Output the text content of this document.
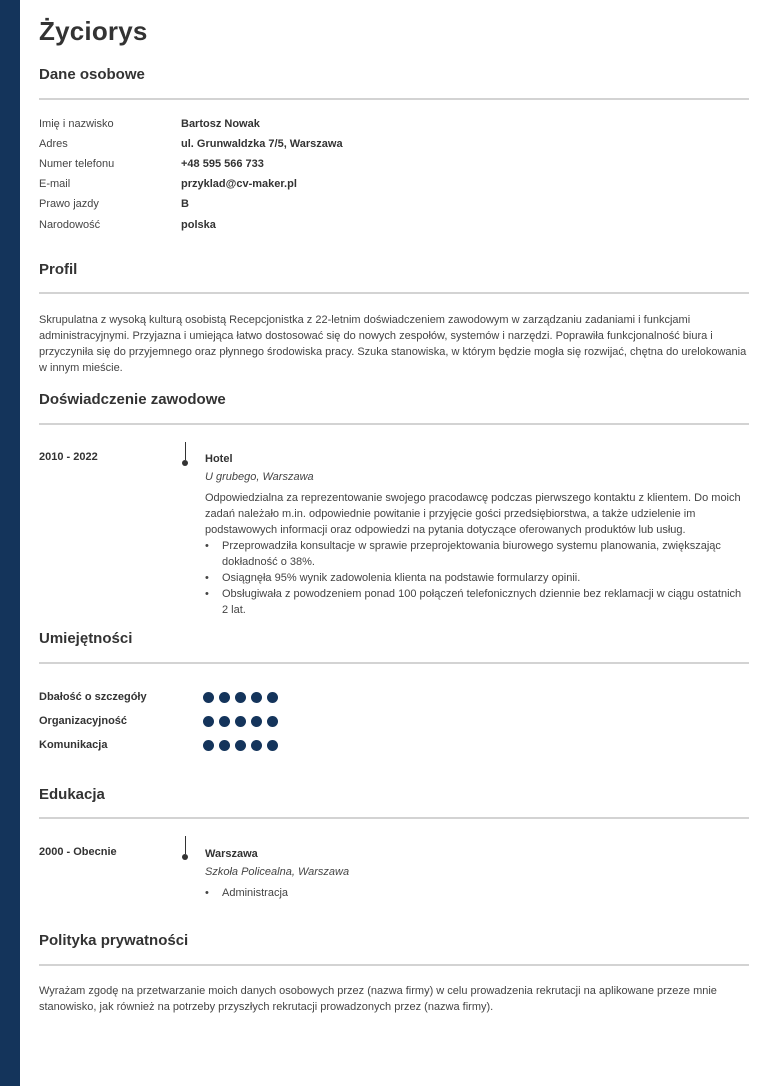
Życiorys
Dane osobowe
Imię i nazwisko	Bartosz Nowak
Adres	ul. Grunwaldzka 7/5, Warszawa
Numer telefonu	+48 595 566 733
E-mail	przyklad@cv-maker.pl
Prawo jazdy	B
Narodowość	polska
Profil

Skrupulatna z wysoką kulturą osobistą Recepcjonistka z 22-letnim doświadczeniem zawodowym w zarządzaniu zadaniami i funkcjami administracyjnymi. Przyjazna i umiejąca łatwo dostosować się do nowych zespołów, systemów i narzędzi. Poprawiła funkcjonalność biura i przyczyniła się do przyjemnego oraz płynnego środowiska pracy. Szuka stanowiska, w którym będzie mogła się rozwijać, chętna do urelokowania w innym mieście.

Doświadczenie zawodowe
2010 - 2022	Hotel
U grubego, Warszawa
Odpowiedzialna za reprezentowanie swojego pracodawcę podczas pierwszego kontaktu z klientem. Do moich zadań należało m.in. odpowiednie powitanie i przyjęcie gości przedsiębiorstwa, a także udzielenie im podstawowych informacji oraz odpowiedzi na pytania dotyczące oferowanych produktów lub usług.
• Przeprowadziła konsultacje w sprawie przeprojektowania biurowego systemu planowania, zwiększając dokładność o 38%.
• Osiągnęła 95% wynik zadowolenia klienta na podstawie formularzy opinii.
• Obsługiwała z powodzeniem ponad 100 połączeń telefonicznych dziennie bez reklamacji w ciągu ostatnich 2 lat.
Umiejętności
Dbałość o szczegóły
Organizacyjność
Komunikacja
Edukacja
2000 - Obecnie	Warszawa
Szkoła Policealna, Warszawa
• Administracja
Polityka prywatności

Wyrażam zgodę na przetwarzanie moich danych osobowych przez (nazwa firmy) w celu prowadzenia rekrutacji na aplikowane przeze mnie stanowisko, jak również na potrzeby przyszłych rekrutacji prowadzonych przez (nazwa firmy).
